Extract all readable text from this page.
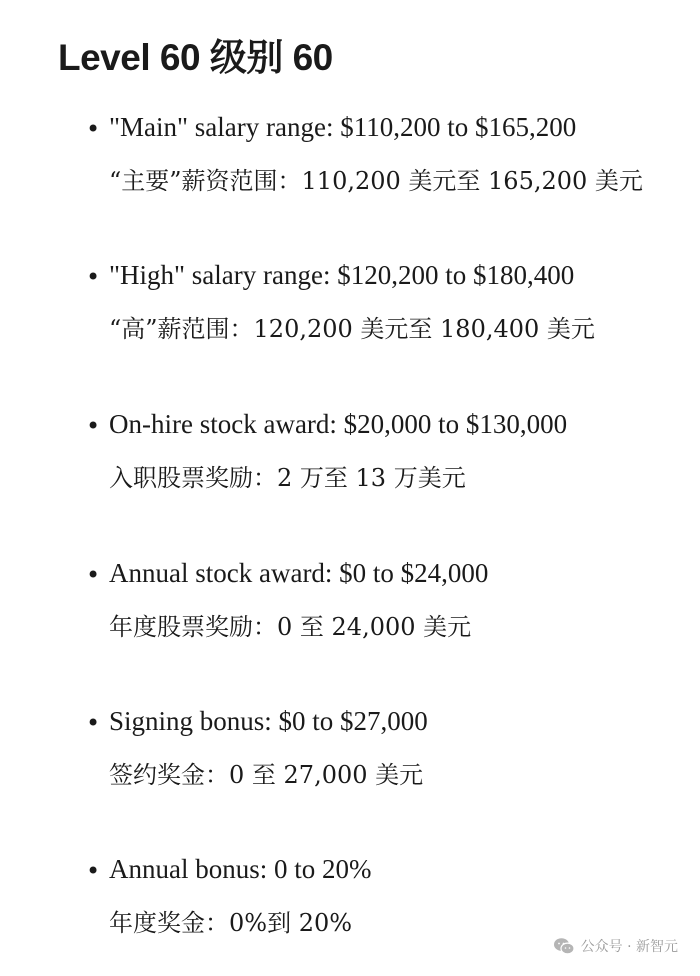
Level 60 级别 60
• "Main" salary range: $110,200 to $165,200
“主要”薪资范围：110,200 美元至 165,200 美元
• "High" salary range: $120,200 to $180,400
“高”薪范围：120,200 美元至 180,400 美元
• On-hire stock award: $20,000 to $130,000
入职股票奖励：2 万至 13 万美元
• Annual stock award: $0 to $24,000
年度股票奖励：0 至 24,000 美元
• Signing bonus: $0 to $27,000
签约奖金：0 至 27,000 美元
• Annual bonus: 0 to 20%
年度奖金：0%到 20%
公众号 · 新智元
